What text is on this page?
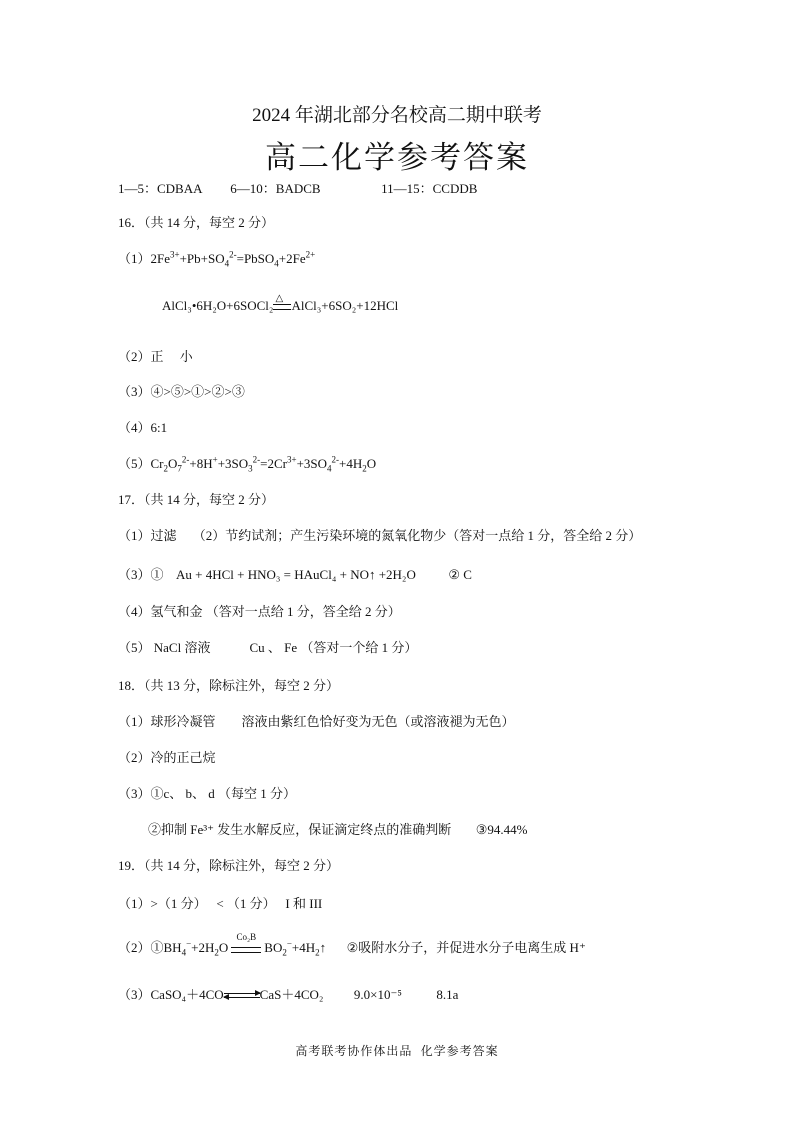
2024 年湖北部分名校高二期中联考
高二化学参考答案
1—5：CDBAA 6—10：BADCB	11—15：CCDDB
16．（共 14 分，每空 2 分）
$(1)2Fe^{3+}+Pb+SO_4^{2-}=PbSO_4+2Fe^{2+}$
AlCl₃•6H₂O+6SOCl₂ △ AlCl₃+6SO₂+12HCl
（2）正　 小
（3）④>⑤>①>②>③
（4）6:1
$(5)Cr_2O_7^{2-}+8H^++3SO_3^{2-}=2Cr^{3+}+3SO_4^{2-}+4H_2O$
17．（共 14 分，每空 2 分）
（1）过滤　 （2）节约试剂；产生污染环境的氮氧化物少（答对一点给 1 分，答全给 2 分）
（3）① Au + 4HCl + HNO₃ = HAuCl₄ + NO↑ +2H₂O	② C
（4）氢气和金 （答对一点给 1 分，答全给 2 分）
（5） NaCl 溶液　　　Cu 、 Fe （答对一个给 1 分）
18．（共 13 分，除标注外，每空 2 分）
（1）球形冷凝管　　溶液由紫红色恰好变为无色（或溶液褪为无色）
（2）冷的正己烷
（3）①c、 b、 d （每空 1 分）
②抑制 Fe³⁺ 发生水解反应，保证滴定终点的准确判断 ③94.44%
19．（共 14 分，除标注外，每空 2 分）
（1）>（1 分）　 < （1 分）　 I 和 III
$(2)①BH_4^-+2H_2O$
Co₂B
$BO_2^-+4H_2↑$  ②吸附水分子，并促进水分子电离生成 H⁺
（3）CaSO₄＋4CO⇌CaS＋4CO₂ 9.0×10⁻⁵	8.1a
高考联考协作体出品 化学参考答案
